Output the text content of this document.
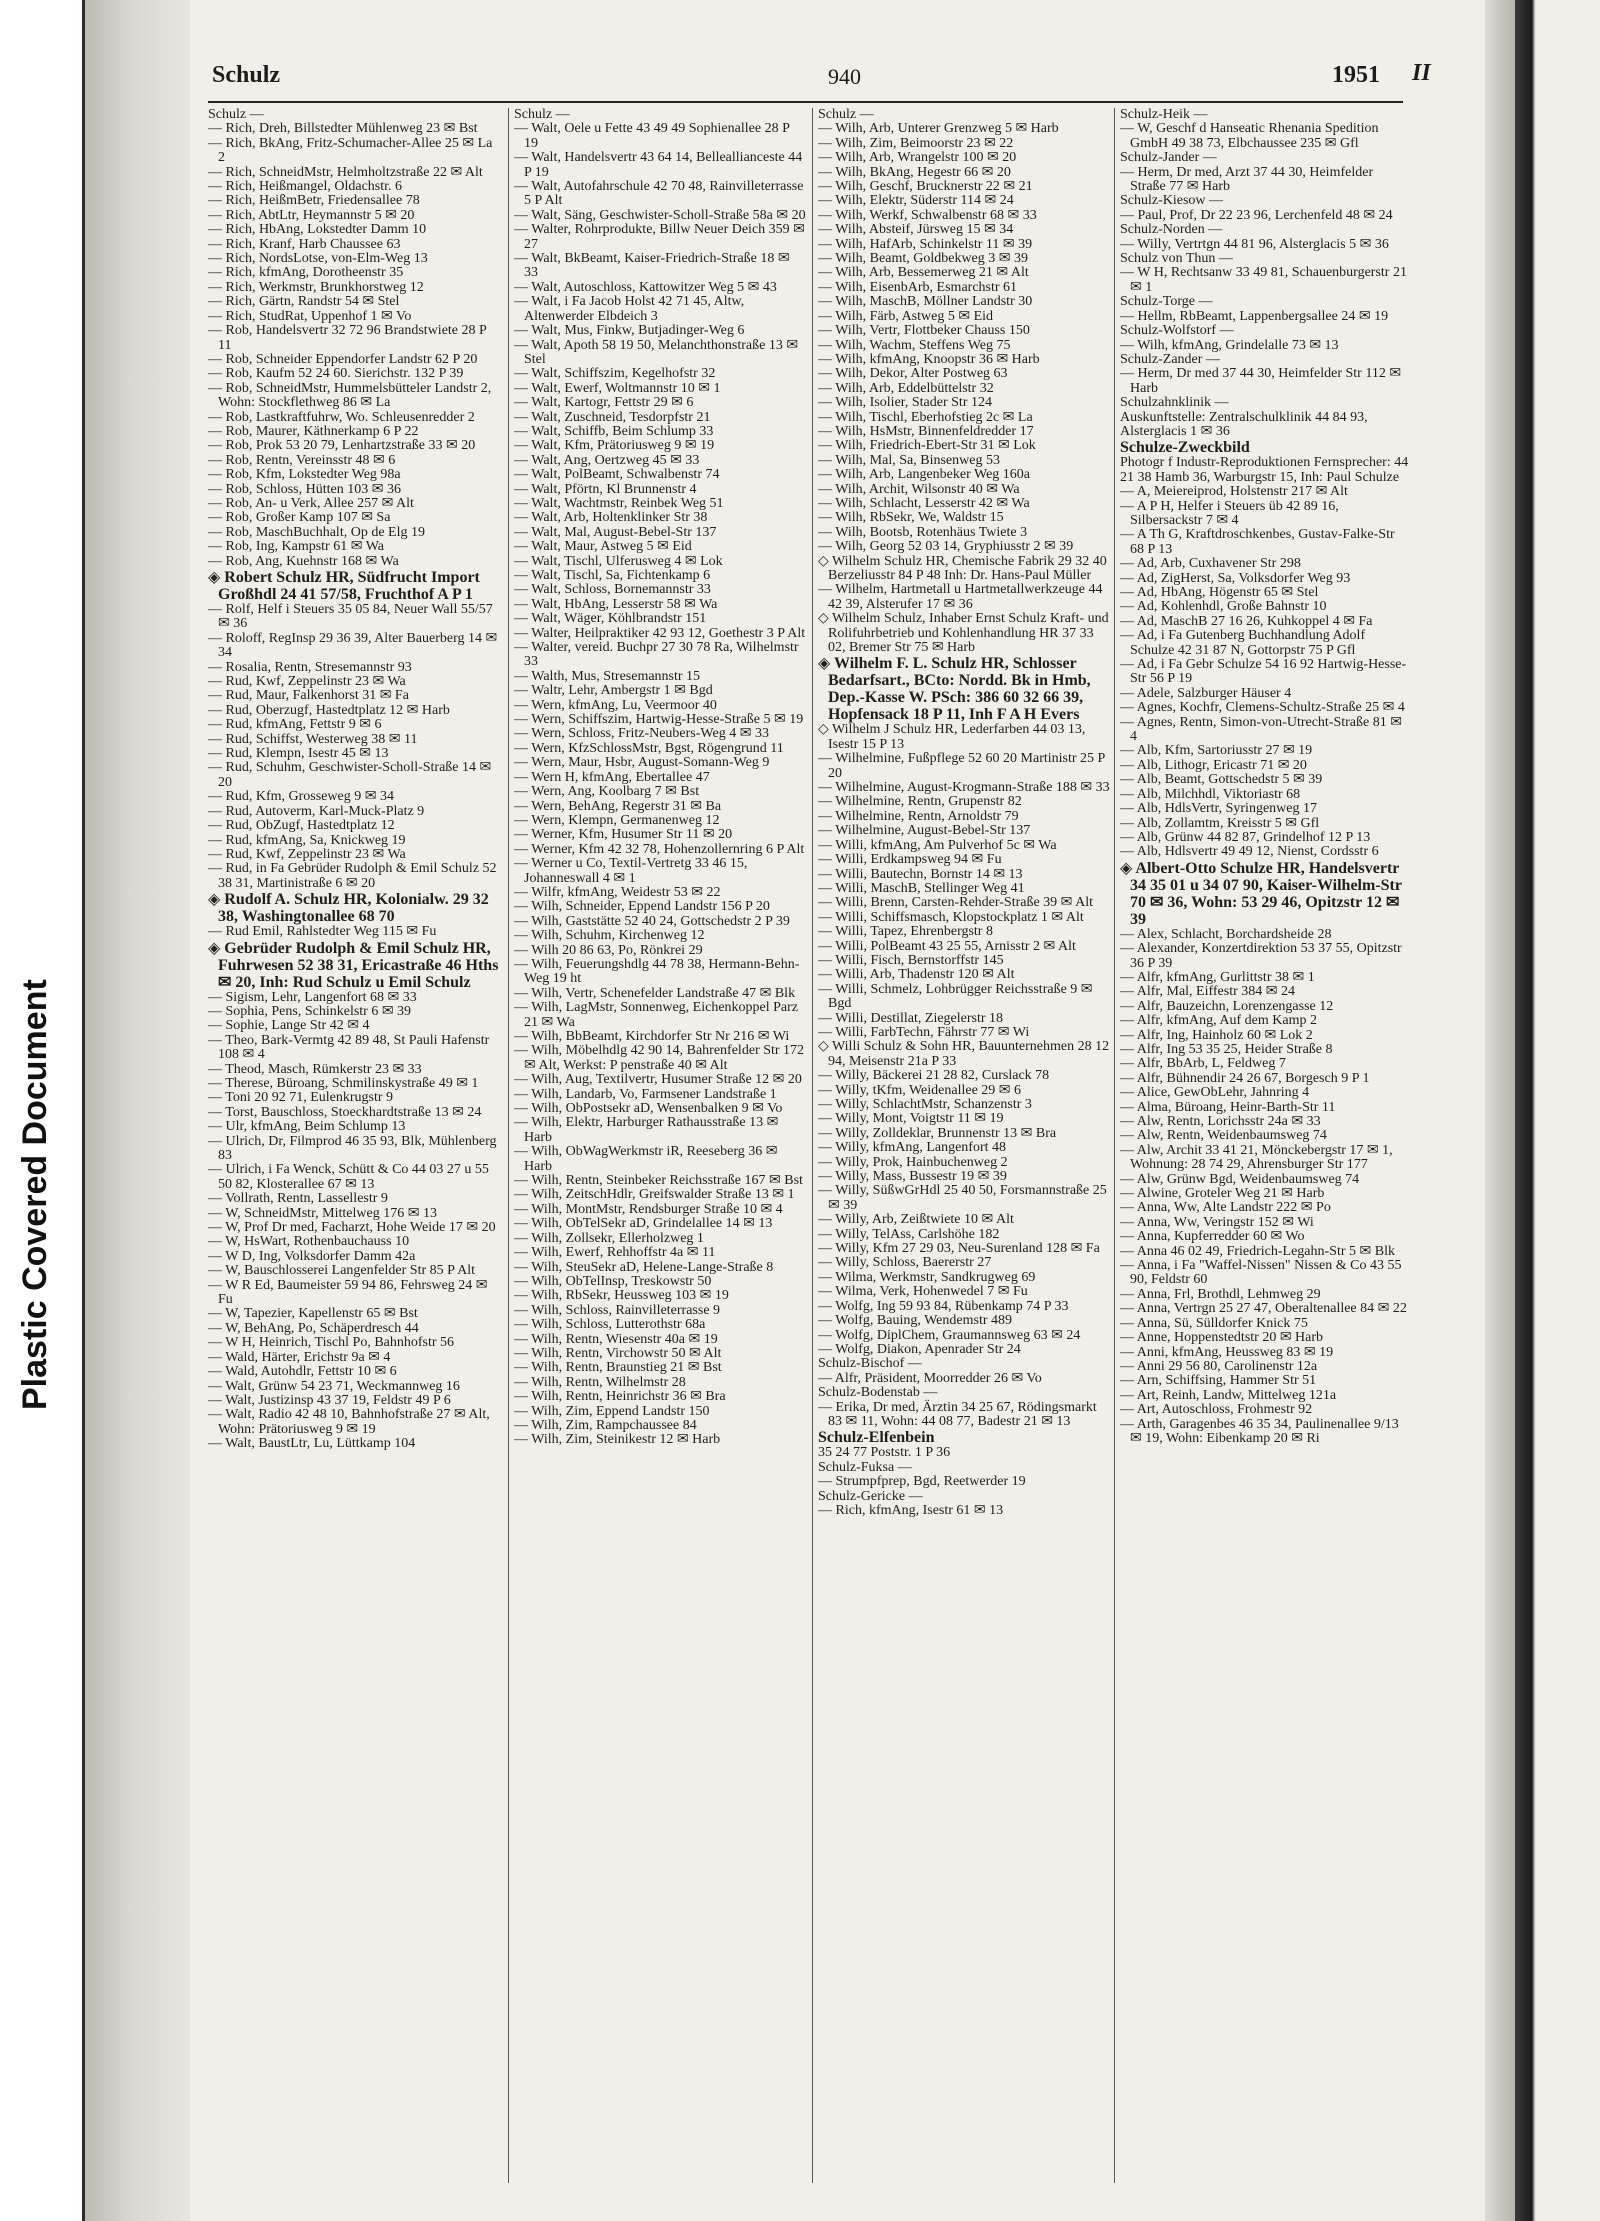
Plastic Covered Document
Schulz	940	1951 II

Schulz —

— Rich, Dreh, Billstedter Mühlenweg 23 ✉ Bst

— Rich, BkAng, Fritz-Schumacher-Allee 25 ✉ La 2

— Rich, SchneidMstr, Helmholtzstraße 22 ✉ Alt

— Rich, Heißmangel, Oldachstr. 6

— Rich, HeißmBetr, Friedensallee 78

— Rich, AbtLtr, Heymannstr 5 ✉ 20

— Rich, HbAng, Lokstedter Damm 10

— Rich, Kranf, Harb Chaussee 63

— Rich, NordsLotse, von-Elm-Weg 13

— Rich, kfmAng, Dorotheenstr 35

— Rich, Werkmstr, Brunkhorstweg 12

— Rich, Gärtn, Randstr 54 ✉ Stel

— Rich, StudRat, Uppenhof 1 ✉ Vo

— Rob, Handelsvertr 32 72 96 Brandstwiete 28 P 11

— Rob, Schneider Eppendorfer Landstr 62 P 20

— Rob, Kaufm 52 24 60. Sierichstr. 132 P 39

— Rob, SchneidMstr, Hummelsbütteler Landstr 2, Wohn: Stockflethweg 86 ✉ La

— Rob, Lastkraftfuhrw, Wo. Schleusenredder 2

— Rob, Maurer, Käthnerkamp 6 P 22

— Rob, Prok 53 20 79, Lenhartzstraße 33 ✉ 20

— Rob, Rentn, Vereinsstr 48 ✉ 6

— Rob, Kfm, Lokstedter Weg 98a

— Rob, Schloss, Hütten 103 ✉ 36

— Rob, An- u Verk, Allee 257 ✉ Alt

— Rob, Großer Kamp 107 ✉ Sa

— Rob, MaschBuchhalt, Op de Elg 19

— Rob, Ing, Kampstr 61 ✉ Wa

— Rob, Ang, Kuehnstr 168 ✉ Wa

◈ Robert Schulz HR, Südfrucht Import Großhdl 24 41 57/58, Fruchthof A P 1

— Rolf, Helf i Steuers 35 05 84, Neuer Wall 55/57 ✉ 36

— Roloff, RegInsp 29 36 39, Alter Bauerberg 14 ✉ 34

— Rosalia, Rentn, Stresemannstr 93

— Rud, Kwf, Zeppelinstr 23 ✉ Wa

— Rud, Maur, Falkenhorst 31 ✉ Fa

— Rud, Oberzugf, Hastedtplatz 12 ✉ Harb

— Rud, kfmAng, Fettstr 9 ✉ 6

— Rud, Schiffst, Westerweg 38 ✉ 11

— Rud, Klempn, Isestr 45 ✉ 13

— Rud, Schuhm, Geschwister-Scholl-Straße 14 ✉ 20

— Rud, Kfm, Grosseweg 9 ✉ 34

— Rud, Autoverm, Karl-Muck-Platz 9

— Rud, ObZugf, Hastedtplatz 12

— Rud, kfmAng, Sa, Knickweg 19

— Rud, Kwf, Zeppelinstr 23 ✉ Wa

— Rud, in Fa Gebrüder Rudolph & Emil Schulz 52 38 31, Martinistraße 6 ✉ 20

◈ Rudolf A. Schulz HR, Kolonialw. 29 32 38, Washingtonallee 68 70

— Rud Emil, Rahlstedter Weg 115 ✉ Fu

◈ Gebrüder Rudolph & Emil Schulz HR, Fuhrwesen 52 38 31, Ericastraße 46 Hths ✉ 20, Inh: Rud Schulz u Emil Schulz

— Sigism, Lehr, Langenfort 68 ✉ 33

— Sophia, Pens, Schinkelstr 6 ✉ 39

— Sophie, Lange Str 42 ✉ 4

— Theo, Bark-Vermtg 42 89 48, St Pauli Hafenstr 108 ✉ 4

— Theod, Masch, Rümkerstr 23 ✉ 33

— Therese, Büroang, Schmilinskystraße 49 ✉ 1

— Toni 20 92 71, Eulenkrugstr 9

— Torst, Bauschloss, Stoeckhardtstraße 13 ✉ 24

— Ulr, kfmAng, Beim Schlump 13

— Ulrich, Dr, Filmprod 46 35 93, Blk, Mühlenberg 83

— Ulrich, i Fa Wenck, Schütt & Co 44 03 27 u 55 50 82, Klosterallee 67 ✉ 13

— Vollrath, Rentn, Lassellestr 9

— W, SchneidMstr, Mittelweg 176 ✉ 13

— W, Prof Dr med, Facharzt, Hohe Weide 17 ✉ 20

— W, HsWart, Rothenbauchauss 10

— W D, Ing, Volksdorfer Damm 42a

— W, Bauschlosserei Langenfelder Str 85 P Alt

— W R Ed, Baumeister 59 94 86, Fehrsweg 24 ✉ Fu

— W, Tapezier, Kapellenstr 65 ✉ Bst

— W, BehAng, Po, Schäperdresch 44

— W H, Heinrich, Tischl Po, Bahnhofstr 56

— Wald, Härter, Erichstr 9a ✉ 4

— Wald, Autohdlr, Fettstr 10 ✉ 6

— Walt, Grünw 54 23 71, Weckmannweg 16

— Walt, Justizinsp 43 37 19, Feldstr 49 P 6

— Walt, Radio 42 48 10, Bahnhofstraße 27 ✉ Alt, Wohn: Prätoriusweg 9 ✉ 19

— Walt, BaustLtr, Lu, Lüttkamp 104

Schulz —

— Walt, Oele u Fette 43 49 49 Sophienallee 28 P 19

— Walt, Handelsvertr 43 64 14, Belleallianceste 44 P 19

— Walt, Autofahrschule 42 70 48, Rainvilleterrasse 5 P Alt

— Walt, Säng, Geschwister-Scholl-Straße 58a ✉ 20

— Walter, Rohrprodukte, Billw Neuer Deich 359 ✉ 27

— Walt, BkBeamt, Kaiser-Friedrich-Straße 18 ✉ 33

— Walt, Autoschloss, Kattowitzer Weg 5 ✉ 43

— Walt, i Fa Jacob Holst 42 71 45, Altw, Altenwerder Elbdeich 3

— Walt, Mus, Finkw, Butjadinger-Weg 6

— Walt, Apoth 58 19 50, Melanchthonstraße 13 ✉ Stel

— Walt, Schiffszim, Kegelhofstr 32

— Walt, Ewerf, Woltmannstr 10 ✉ 1

— Walt, Kartogr, Fettstr 29 ✉ 6

— Walt, Zuschneid, Tesdorpfstr 21

— Walt, Schiffb, Beim Schlump 33

— Walt, Kfm, Prätoriusweg 9 ✉ 19

— Walt, Ang, Oertzweg 45 ✉ 33

— Walt, PolBeamt, Schwalbenstr 74

— Walt, Pförtn, Kl Brunnenstr 4

— Walt, Wachtmstr, Reinbek Weg 51

— Walt, Arb, Holtenklinker Str 38

— Walt, Mal, August-Bebel-Str 137

— Walt, Maur, Astweg 5 ✉ Eid

— Walt, Tischl, Ulferusweg 4 ✉ Lok

— Walt, Tischl, Sa, Fichtenkamp 6

— Walt, Schloss, Bornemannstr 33

— Walt, HbAng, Lesserstr 58 ✉ Wa

— Walt, Wäger, Köhlbrandstr 151

— Walter, Heilpraktiker 42 93 12, Goethestr 3 P Alt

— Walter, vereid. Buchpr 27 30 78 Ra, Wilhelmstr 33

— Walth, Mus, Stresemannstr 15

— Waltr, Lehr, Ambergstr 1 ✉ Bgd

— Wern, kfmAng, Lu, Veermoor 40

— Wern, Schiffszim, Hartwig-Hesse-Straße 5 ✉ 19

— Wern, Schloss, Fritz-Neubers-Weg 4 ✉ 33

— Wern, KfzSchlossMstr, Bgst, Rögengrund 11

— Wern, Maur, Hsbr, August-Somann-Weg 9

— Wern H, kfmAng, Ebertallee 47

— Wern, Ang, Koolbarg 7 ✉ Bst

— Wern, BehAng, Regerstr 31 ✉ Ba

— Wern, Klempn, Germanenweg 12

— Werner, Kfm, Husumer Str 11 ✉ 20

— Werner, Kfm 42 32 78, Hohenzollernring 6 P Alt

— Werner u Co, Textil-Vertretg 33 46 15, Johanneswall 4 ✉ 1

— Wilfr, kfmAng, Weidestr 53 ✉ 22

— Wilh, Schneider, Eppend Landstr 156 P 20

— Wilh, Gaststätte 52 40 24, Gottschedstr 2 P 39

— Wilh, Schuhm, Kirchenweg 12

— Wilh 20 86 63, Po, Rönkrei 29

— Wilh, Feuerungshdlg 44 78 38, Hermann-Behn-Weg 19 ht

— Wilh, Vertr, Schenefelder Landstraße 47 ✉ Blk

— Wilh, LagMstr, Sonnenweg, Eichenkoppel Parz 21 ✉ Wa

— Wilh, BbBeamt, Kirchdorfer Str Nr 216 ✉ Wi

— Wilh, Möbelhdlg 42 90 14, Bahrenfelder Str 172 ✉ Alt, Werkst: P penstraße 40 ✉ Alt

— Wilh, Aug, Textilvertr, Husumer Straße 12 ✉ 20

— Wilh, Landarb, Vo, Farmsener Landstraße 1

— Wilh, ObPostsekr aD, Wensenbalken 9 ✉ Vo

— Wilh, Elektr, Harburger Rathausstraße 13 ✉ Harb

— Wilh, ObWagWerkmstr iR, Reeseberg 36 ✉ Harb

— Wilh, Rentn, Steinbeker Reichsstraße 167 ✉ Bst

— Wilh, ZeitschHdlr, Greifswalder Straße 13 ✉ 1

— Wilh, MontMstr, Rendsburger Straße 10 ✉ 4

— Wilh, ObTelSekr aD, Grindelallee 14 ✉ 13

— Wilh, Zollsekr, Ellerholzweg 1

— Wilh, Ewerf, Rehhoffstr 4a ✉ 11

— Wilh, SteuSekr aD, Helene-Lange-Straße 8

— Wilh, ObTelInsp, Treskowstr 50

— Wilh, RbSekr, Heussweg 103 ✉ 19

— Wilh, Schloss, Rainvilleterrasse 9

— Wilh, Schloss, Lutterothstr 68a

— Wilh, Rentn, Wiesenstr 40a ✉ 19

— Wilh, Rentn, Virchowstr 50 ✉ Alt

— Wilh, Rentn, Braunstieg 21 ✉ Bst

— Wilh, Rentn, Wilhelmstr 28

— Wilh, Rentn, Heinrichstr 36 ✉ Bra

— Wilh, Zim, Eppend Landstr 150

— Wilh, Zim, Rampchaussee 84

— Wilh, Zim, Steinikestr 12 ✉ Harb

Schulz —

— Wilh, Arb, Unterer Grenzweg 5 ✉ Harb

— Wilh, Zim, Beimoorstr 23 ✉ 22

— Wilh, Arb, Wrangelstr 100 ✉ 20

— Wilh, BkAng, Hegestr 66 ✉ 20

— Wilh, Geschf, Brucknerstr 22 ✉ 21

— Wilh, Elektr, Süderstr 114 ✉ 24

— Wilh, Werkf, Schwalbenstr 68 ✉ 33

— Wilh, Absteif, Jürsweg 15 ✉ 34

— Wilh, HafArb, Schinkelstr 11 ✉ 39

— Wilh, Beamt, Goldbekweg 3 ✉ 39

— Wilh, Arb, Bessemerweg 21 ✉ Alt

— Wilh, EisenbArb, Esmarchstr 61

— Wilh, MaschB, Möllner Landstr 30

— Wilh, Färb, Astweg 5 ✉ Eid

— Wilh, Vertr, Flottbeker Chauss 150

— Wilh, Wachm, Steffens Weg 75

— Wilh, kfmAng, Knoopstr 36 ✉ Harb

— Wilh, Dekor, Alter Postweg 63

— Wilh, Arb, Eddelbüttelstr 32

— Wilh, Isolier, Stader Str 124

— Wilh, Tischl, Eberhofstieg 2c ✉ La

— Wilh, HsMstr, Binnenfeldredder 17

— Wilh, Friedrich-Ebert-Str 31 ✉ Lok

— Wilh, Mal, Sa, Binsenweg 53

— Wilh, Arb, Langenbeker Weg 160a

— Wilh, Archit, Wilsonstr 40 ✉ Wa

— Wilh, Schlacht, Lesserstr 42 ✉ Wa

— Wilh, RbSekr, We, Waldstr 15

— Wilh, Bootsb, Rotenhäus Twiete 3

— Wilh, Georg 52 03 14, Gryphiusstr 2 ✉ 39

◇ Wilhelm Schulz HR, Chemische Fabrik 29 32 40 Berzeliusstr 84 P 48 Inh: Dr. Hans-Paul Müller

— Wilhelm, Hartmetall u Hartmetallwerkzeuge 44 42 39, Alsterufer 17 ✉ 36

◇ Wilhelm Schulz, Inhaber Ernst Schulz Kraft- und Rolifuhrbetrieb und Kohlenhandlung HR 37 33 02, Bremer Str 75 ✉ Harb

◈ Wilhelm F. L. Schulz HR, Schlosser Bedarfsart., BCto: Nordd. Bk in Hmb, Dep.-Kasse W. PSch: 386 60 32 66 39, Hopfensack 18 P 11, Inh F A H Evers

◇ Wilhelm J Schulz HR, Lederfarben 44 03 13, Isestr 15 P 13

— Wilhelmine, Fußpflege 52 60 20 Martinistr 25 P 20

— Wilhelmine, August-Krogmann-Straße 188 ✉ 33

— Wilhelmine, Rentn, Grupenstr 82

— Wilhelmine, Rentn, Arnoldstr 79

— Wilhelmine, August-Bebel-Str 137

— Willi, kfmAng, Am Pulverhof 5c ✉ Wa

— Willi, Erdkampsweg 94 ✉ Fu

— Willi, Bautechn, Bornstr 14 ✉ 13

— Willi, MaschB, Stellinger Weg 41

— Willi, Brenn, Carsten-Rehder-Straße 39 ✉ Alt

— Willi, Schiffsmasch, Klopstockplatz 1 ✉ Alt

— Willi, Tapez, Ehrenbergstr 8

— Willi, PolBeamt 43 25 55, Arnisstr 2 ✉ Alt

— Willi, Fisch, Bernstorffstr 145

— Willi, Arb, Thadenstr 120 ✉ Alt

— Willi, Schmelz, Lohbrügger Reichsstraße 9 ✉ Bgd

— Willi, Destillat, Ziegelerstr 18

— Willi, FarbTechn, Fährstr 77 ✉ Wi

◇ Willi Schulz & Sohn HR, Bauunternehmen 28 12 94, Meisenstr 21a P 33

— Willy, Bäckerei 21 28 82, Curslack 78

— Willy, tKfm, Weidenallee 29 ✉ 6

— Willy, SchlachtMstr, Schanzenstr 3

— Willy, Mont, Voigtstr 11 ✉ 19

— Willy, Zolldeklar, Brunnenstr 13 ✉ Bra

— Willy, kfmAng, Langenfort 48

— Willy, Prok, Hainbuchenweg 2

— Willy, Mass, Bussestr 19 ✉ 39

— Willy, SüßwGrHdl 25 40 50, Forsmannstraße 25 ✉ 39

— Willy, Arb, Zeißtwiete 10 ✉ Alt

— Willy, TelAss, Carlshöhe 182

— Willy, Kfm 27 29 03, Neu-Surenland 128 ✉ Fa

— Willy, Schloss, Baererstr 27

— Wilma, Werkmstr, Sandkrugweg 69

— Wilma, Verk, Hohenwedel 7 ✉ Fu

— Wolfg, Ing 59 93 84, Rübenkamp 74 P 33

— Wolfg, Bauing, Wendemstr 489

— Wolfg, DiplChem, Graumannsweg 63 ✉ 24

— Wolfg, Diakon, Apenrader Str 24

Schulz-Bischof —

— Alfr, Präsident, Moorredder 26 ✉ Vo

Schulz-Bodenstab —

— Erika, Dr med, Ärztin 34 25 67, Rödingsmarkt 83 ✉ 11, Wohn: 44 08 77, Badestr 21 ✉ 13

Schulz-Elfenbein

35 24 77 Poststr. 1 P 36

Schulz-Fuksa —

— Strumpfprep, Bgd, Reetwerder 19

Schulz-Gericke —

— Rich, kfmAng, Isestr 61 ✉ 13

Schulz-Heik —

— W, Geschf d Hanseatic Rhenania Spedition GmbH 49 38 73, Elbchaussee 235 ✉ Gfl

Schulz-Jander —

— Herm, Dr med, Arzt 37 44 30, Heimfelder Straße 77 ✉ Harb

Schulz-Kiesow —

— Paul, Prof, Dr 22 23 96, Lerchenfeld 48 ✉ 24

Schulz-Norden —

— Willy, Vertrtgn 44 81 96, Alsterglacis 5 ✉ 36

Schulz von Thun —

— W H, Rechtsanw 33 49 81, Schauenburgerstr 21 ✉ 1

Schulz-Torge —

— Hellm, RbBeamt, Lappenbergsallee 24 ✉ 19

Schulz-Wolfstorf —

— Wilh, kfmAng, Grindelalle 73 ✉ 13

Schulz-Zander —

— Herm, Dr med 37 44 30, Heimfelder Str 112 ✉ Harb

Schulzahnklinik —

Auskunftstelle: Zentralschulklinik 44 84 93, Alsterglacis 1 ✉ 36

Schulze-Zweckbild

Photogr f Industr-Reproduktionen Fernsprecher: 44 21 38 Hamb 36, Warburgstr 15, Inh: Paul Schulze

— A, Meiereiprod, Holstenstr 217 ✉ Alt

— A P H, Helfer i Steuers üb 42 89 16, Silbersackstr 7 ✉ 4

— A Th G, Kraftdroschkenbes, Gustav-Falke-Str 68 P 13

— Ad, Arb, Cuxhavener Str 298

— Ad, ZigHerst, Sa, Volksdorfer Weg 93

— Ad, HbAng, Högenstr 65 ✉ Stel

— Ad, Kohlenhdl, Große Bahnstr 10

— Ad, MaschB 27 16 26, Kuhkoppel 4 ✉ Fa

— Ad, i Fa Gutenberg Buchhandlung Adolf Schulze 42 31 87 N, Gottorpstr 75 P Gfl

— Ad, i Fa Gebr Schulze 54 16 92 Hartwig-Hesse-Str 56 P 19

— Adele, Salzburger Häuser 4

— Agnes, Kochfr, Clemens-Schultz-Straße 25 ✉ 4

— Agnes, Rentn, Simon-von-Utrecht-Straße 81 ✉ 4

— Alb, Kfm, Sartoriusstr 27 ✉ 19

— Alb, Lithogr, Ericastr 71 ✉ 20

— Alb, Beamt, Gottschedstr 5 ✉ 39

— Alb, Milchhdl, Viktoriastr 68

— Alb, HdlsVertr, Syringenweg 17

— Alb, Zollamtm, Kreisstr 5 ✉ Gfl

— Alb, Grünw 44 82 87, Grindelhof 12 P 13

— Alb, Hdlsvertr 49 49 12, Nienst, Cordsstr 6

◈ Albert-Otto Schulze HR, Handelsvertr 34 35 01 u 34 07 90, Kaiser-Wilhelm-Str 70 ✉ 36, Wohn: 53 29 46, Opitzstr 12 ✉ 39

— Alex, Schlacht, Borchardsheide 28

— Alexander, Konzertdirektion 53 37 55, Opitzstr 36 P 39

— Alfr, kfmAng, Gurlittstr 38 ✉ 1

— Alfr, Mal, Eiffestr 384 ✉ 24

— Alfr, Bauzeichn, Lorenzengasse 12

— Alfr, kfmAng, Auf dem Kamp 2

— Alfr, Ing, Hainholz 60 ✉ Lok 2

— Alfr, Ing 53 35 25, Heider Straße 8

— Alfr, BbArb, L, Feldweg 7

— Alfr, Bühnendir 24 26 67, Borgesch 9 P 1

— Alice, GewObLehr, Jahnring 4

— Alma, Büroang, Heinr-Barth-Str 11

— Alw, Rentn, Lorichsstr 24a ✉ 33

— Alw, Rentn, Weidenbaumsweg 74

— Alw, Archit 33 41 21, Mönckebergstr 17 ✉ 1, Wohnung: 28 74 29, Ahrensburger Str 177

— Alw, Grünw Bgd, Weidenbaumsweg 74

— Alwine, Groteler Weg 21 ✉ Harb

— Anna, Ww, Alte Landstr 222 ✉ Po

— Anna, Ww, Veringstr 152 ✉ Wi

— Anna, Kupferredder 60 ✉ Wo

— Anna 46 02 49, Friedrich-Legahn-Str 5 ✉ Blk

— Anna, i Fa "Waffel-Nissen" Nissen & Co 43 55 90, Feldstr 60

— Anna, Frl, Brothdl, Lehmweg 29

— Anna, Vertrgn 25 27 47, Oberaltenallee 84 ✉ 22

— Anna, Sü, Sülldorfer Knick 75

— Anne, Hoppenstedtstr 20 ✉ Harb

— Anni, kfmAng, Heussweg 83 ✉ 19

— Anni 29 56 80, Carolinenstr 12a

— Arn, Schiffsing, Hammer Str 51

— Art, Reinh, Landw, Mittelweg 121a

— Art, Autoschloss, Frohmestr 92

— Arth, Garagenbes 46 35 34, Paulinenallee 9/13 ✉ 19, Wohn: Eibenkamp 20 ✉ Ri
